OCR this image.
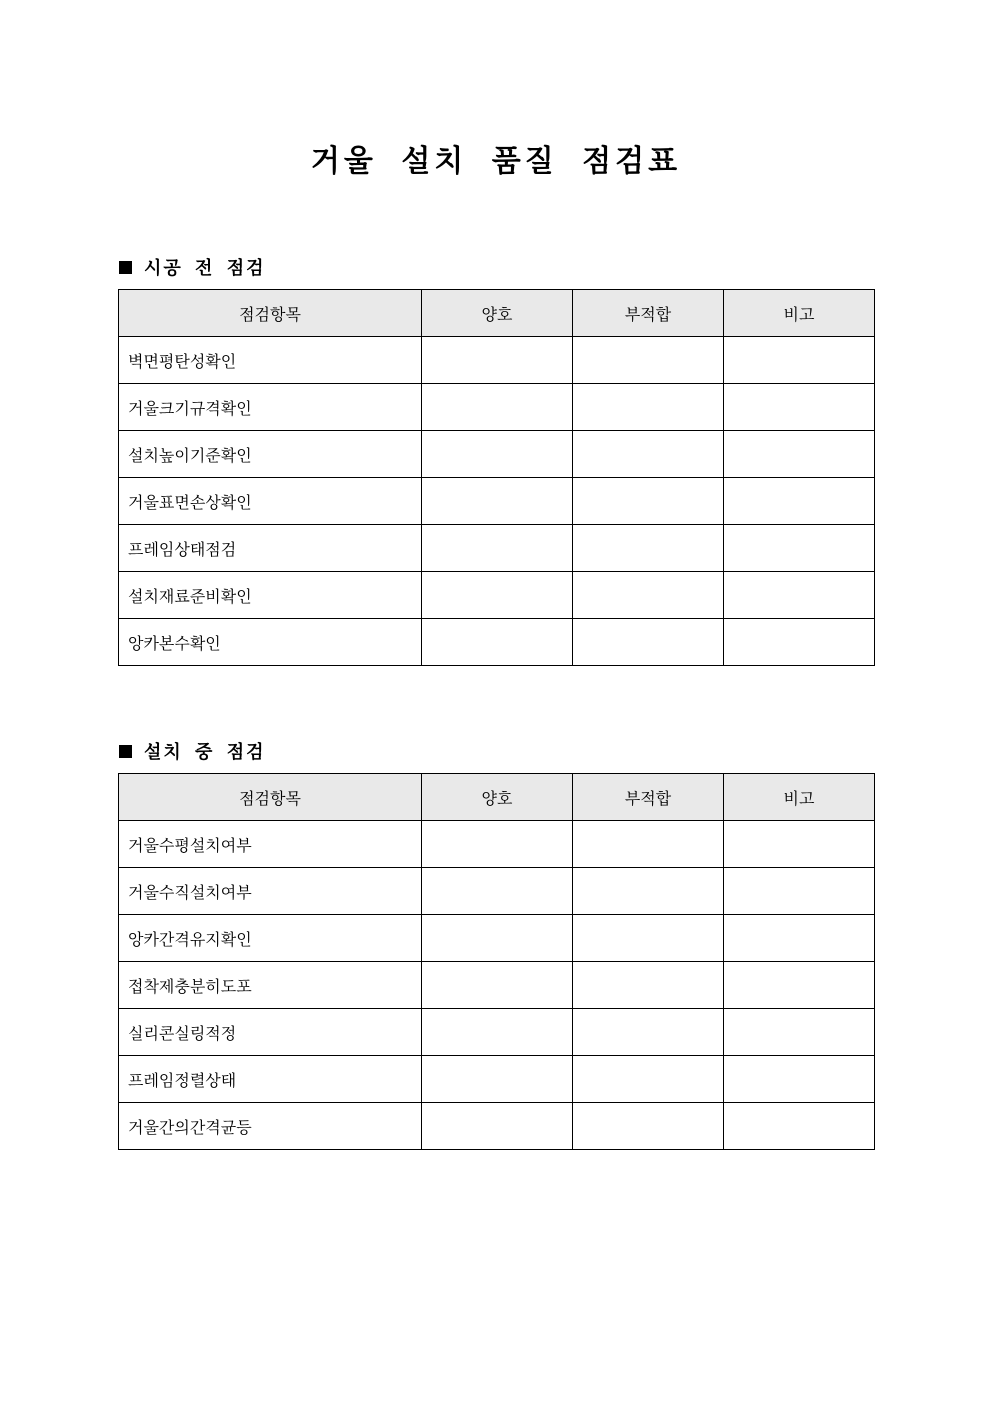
거울 설치 품질 점검표
시공 전 점검
점검항목	양호	부적합	비고
벽면평탄성확인			
거울크기규격확인			
설치높이기준확인			
거울표면손상확인			
프레임상태점검			
설치재료준비확인			
앙카본수확인			
설치 중 점검
점검항목	양호	부적합	비고
거울수평설치여부			
거울수직설치여부			
앙카간격유지확인			
접착제충분히도포			
실리콘실링적정			
프레임정렬상태			
거울간의간격균등			
